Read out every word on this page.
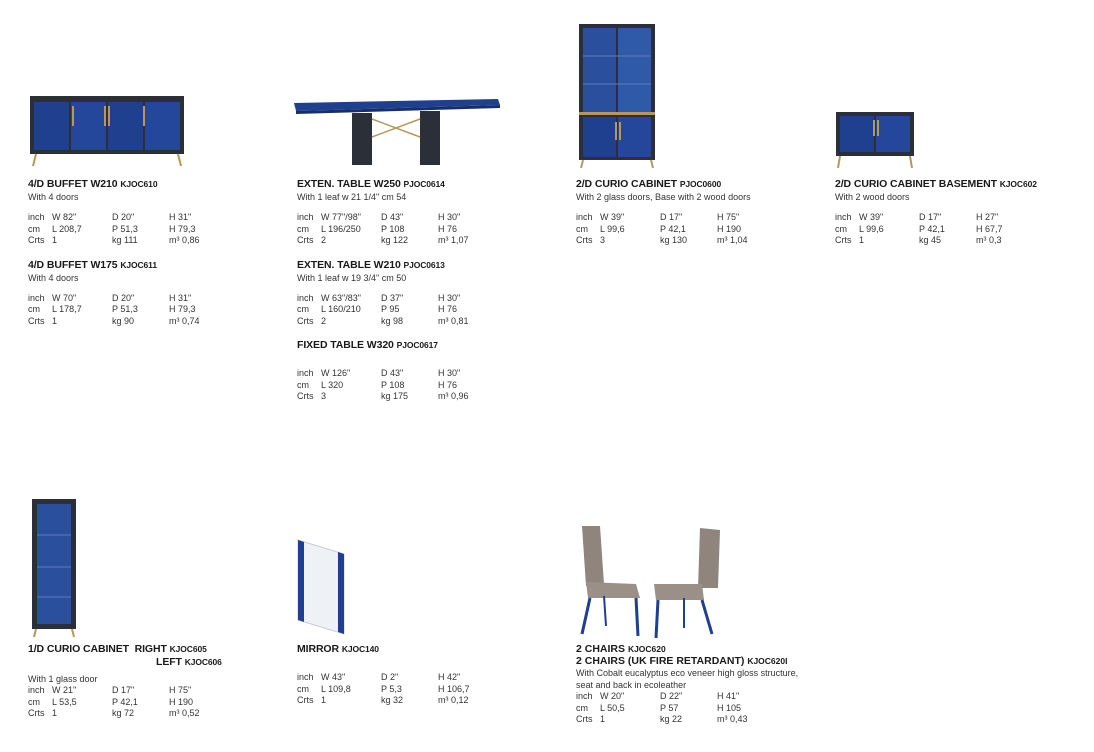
4/D BUFFET W210 KJOC610
With 4 doors
inch W 82"	D 20"	H 31"
cm	L 208,7	P 51,3	H 79,3
Crts 1	kg 111	m³ 0,86
4/D BUFFET W175 KJOC611
With 4 doors
inch W 70"	D 20"	H 31"
cm	L 178,7	P 51,3	H 79,3
Crts 1	kg 90	m³ 0,74
EXTEN. TABLE W250 PJOC0614
With 1 leaf w 21 1/4" cm 54
inch W 77"/98"	D 43"	H 30"
cm	L 196/250	P 108	H 76
Crts 2	kg 122	m³ 1,07
EXTEN. TABLE W210 PJOC0613
With 1 leaf w 19 3/4" cm 50
inch W 63"/83"	D 37"	H 30"
cm	L 160/210	P 95	H 76
Crts 2	kg 98	m³ 0,81
FIXED TABLE W320 PJOC0617
inch W 126"	D 43"	H 30"
cm	L 320	P 108	H 76
Crts 3	kg 175	m³ 0,96
2/D CURIO CABINET PJOC0600
With 2 glass doors, Base with 2 wood doors
inch W 39"	D 17"	H 75"
cm	L 99,6	P 42,1	H 190
Crts 3	kg 130	m³ 1,04
2/D CURIO CABINET BASEMENT KJOC602
With 2 wood doors
inch W 39"	D 17"	H 27"
cm	L 99,6	P 42,1	H 67,7
Crts 1	kg 45	m³ 0,3
1/D CURIO CABINET RIGHT KJOC605
LEFT KJOC606
With 1 glass door
inch W 21"	D 17"	H 75"
cm	L 53,5	P 42,1	H 190
Crts 1	kg 72	m³ 0,52
MIRROR KJOC140
inch W 43"	D 2"	H 42"
cm	L 109,8	P 5,3	H 106,7
Crts 1	kg 32	m³ 0,12
2 CHAIRS KJOC620
2 CHAIRS (UK FIRE RETARDANT) KJOC620I
With Cobalt eucalyptus eco veneer high gloss structure,
seat and back in ecoleather
inch W 20"	D 22"	H 41"
cm	L 50,5	P 57	H 105
Crts 1	kg 22	m³ 0,43
